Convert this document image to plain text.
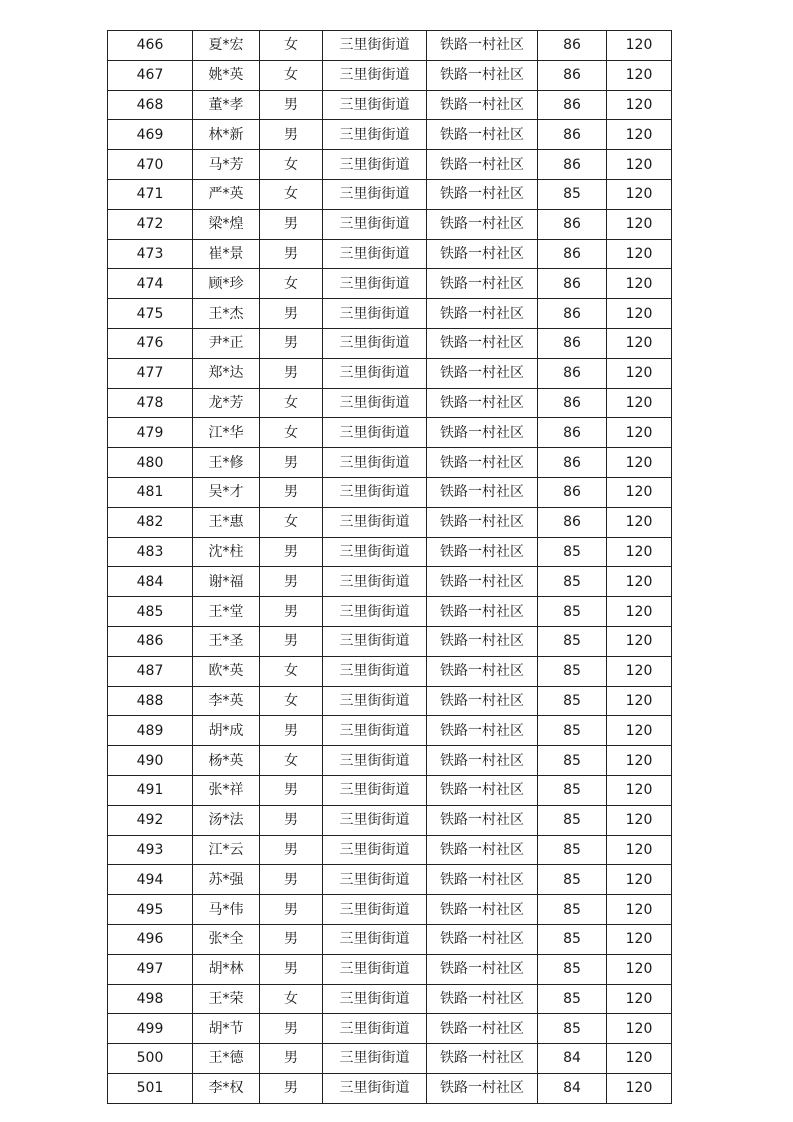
466	夏*宏	女	三里街街道	铁路一村社区	86	120
467	姚*英	女	三里街街道	铁路一村社区	86	120
468	董*孝	男	三里街街道	铁路一村社区	86	120
469	林*新	男	三里街街道	铁路一村社区	86	120
470	马*芳	女	三里街街道	铁路一村社区	86	120
471	严*英	女	三里街街道	铁路一村社区	85	120
472	梁*煌	男	三里街街道	铁路一村社区	86	120
473	崔*景	男	三里街街道	铁路一村社区	86	120
474	顾*珍	女	三里街街道	铁路一村社区	86	120
475	王*杰	男	三里街街道	铁路一村社区	86	120
476	尹*正	男	三里街街道	铁路一村社区	86	120
477	郑*达	男	三里街街道	铁路一村社区	86	120
478	龙*芳	女	三里街街道	铁路一村社区	86	120
479	江*华	女	三里街街道	铁路一村社区	86	120
480	王*修	男	三里街街道	铁路一村社区	86	120
481	吴*才	男	三里街街道	铁路一村社区	86	120
482	王*惠	女	三里街街道	铁路一村社区	86	120
483	沈*柱	男	三里街街道	铁路一村社区	85	120
484	谢*福	男	三里街街道	铁路一村社区	85	120
485	王*堂	男	三里街街道	铁路一村社区	85	120
486	王*圣	男	三里街街道	铁路一村社区	85	120
487	欧*英	女	三里街街道	铁路一村社区	85	120
488	李*英	女	三里街街道	铁路一村社区	85	120
489	胡*成	男	三里街街道	铁路一村社区	85	120
490	杨*英	女	三里街街道	铁路一村社区	85	120
491	张*祥	男	三里街街道	铁路一村社区	85	120
492	汤*法	男	三里街街道	铁路一村社区	85	120
493	江*云	男	三里街街道	铁路一村社区	85	120
494	苏*强	男	三里街街道	铁路一村社区	85	120
495	马*伟	男	三里街街道	铁路一村社区	85	120
496	张*全	男	三里街街道	铁路一村社区	85	120
497	胡*林	男	三里街街道	铁路一村社区	85	120
498	王*荣	女	三里街街道	铁路一村社区	85	120
499	胡*节	男	三里街街道	铁路一村社区	85	120
500	王*德	男	三里街街道	铁路一村社区	84	120
501	李*权	男	三里街街道	铁路一村社区	84	120
